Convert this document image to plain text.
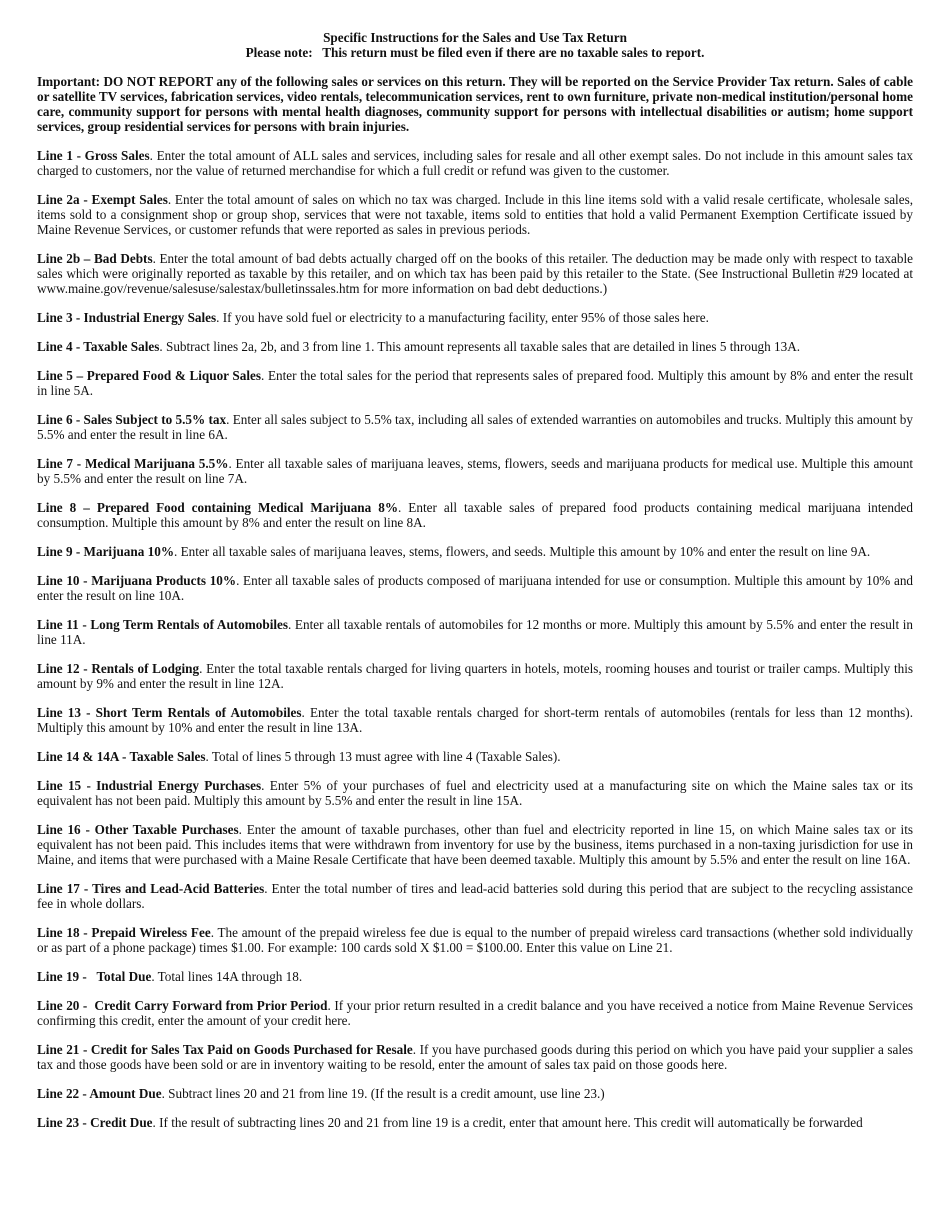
Specific Instructions for the Sales and Use Tax Return
Please note:   This return must be filed even if there are no taxable sales to report.

Important: DO NOT REPORT any of the following sales or services on this return. They will be reported on the Service Provider Tax return. Sales of cable or satellite TV services, fabrication services, video rentals, telecommunication services, rent to own furniture, private non-medical institution/personal home care, community support for persons with mental health diagnoses, community support for persons with intellectual disabilities or autism; home support services, group residential services for persons with brain injuries.

Line 1 - Gross Sales. Enter the total amount of ALL sales and services, including sales for resale and all other exempt sales. Do not include in this amount sales tax charged to customers, nor the value of returned merchandise for which a full credit or refund was given to the customer.

Line 2a - Exempt Sales. Enter the total amount of sales on which no tax was charged. Include in this line items sold with a valid resale certificate, wholesale sales, items sold to a consignment shop or group shop, services that were not taxable, items sold to entities that hold a valid Permanent Exemption Certificate issued by Maine Revenue Services, or customer refunds that were reported as sales in previous periods.

Line 2b – Bad Debts. Enter the total amount of bad debts actually charged off on the books of this retailer. The deduction may be made only with respect to taxable sales which were originally reported as taxable by this retailer, and on which tax has been paid by this retailer to the State. (See Instructional Bulletin #29 located at www.maine.gov/revenue/salesuse/salestax/bulletinssales.htm for more information on bad debt deductions.)

Line 3 - Industrial Energy Sales. If you have sold fuel or electricity to a manufacturing facility, enter 95% of those sales here.

Line 4 - Taxable Sales. Subtract lines 2a, 2b, and 3 from line 1. This amount represents all taxable sales that are detailed in lines 5 through 13A.

Line 5 – Prepared Food & Liquor Sales. Enter the total sales for the period that represents sales of prepared food. Multiply this amount by 8% and enter the result in line 5A.

Line 6 - Sales Subject to 5.5% tax. Enter all sales subject to 5.5% tax, including all sales of extended warranties on automobiles and trucks. Multiply this amount by 5.5% and enter the result in line 6A.

Line 7 - Medical Marijuana 5.5%. Enter all taxable sales of marijuana leaves, stems, flowers, seeds and marijuana products for medical use. Multiple this amount by 5.5% and enter the result on line 7A.

Line 8 – Prepared Food containing Medical Marijuana 8%. Enter all taxable sales of prepared food products containing medical marijuana intended consumption. Multiple this amount by 8% and enter the result on line 8A.

Line 9 - Marijuana 10%. Enter all taxable sales of marijuana leaves, stems, flowers, and seeds. Multiple this amount by 10% and enter the result on line 9A.

Line 10 - Marijuana Products 10%. Enter all taxable sales of products composed of marijuana intended for use or consumption. Multiple this amount by 10% and enter the result on line 10A.

Line 11 - Long Term Rentals of Automobiles. Enter all taxable rentals of automobiles for 12 months or more. Multiply this amount by 5.5% and enter the result in line 11A.

Line 12 - Rentals of Lodging. Enter the total taxable rentals charged for living quarters in hotels, motels, rooming houses and tourist or trailer camps. Multiply this amount by 9% and enter the result in line 12A.

Line 13 - Short Term Rentals of Automobiles. Enter the total taxable rentals charged for short-term rentals of automobiles (rentals for less than 12 months). Multiply this amount by 10% and enter the result in line 13A.

Line 14 & 14A - Taxable Sales. Total of lines 5 through 13 must agree with line 4 (Taxable Sales).

Line 15 - Industrial Energy Purchases. Enter 5% of your purchases of fuel and electricity used at a manufacturing site on which the Maine sales tax or its equivalent has not been paid. Multiply this amount by 5.5% and enter the result in line 15A.

Line 16 - Other Taxable Purchases. Enter the amount of taxable purchases, other than fuel and electricity reported in line 15, on which Maine sales tax or its equivalent has not been paid. This includes items that were withdrawn from inventory for use by the business, items purchased in a non-taxing jurisdiction for use in Maine, and items that were purchased with a Maine Resale Certificate that have been deemed taxable. Multiply this amount by 5.5% and enter the result on line 16A.

Line 17 - Tires and Lead-Acid Batteries. Enter the total number of tires and lead-acid batteries sold during this period that are subject to the recycling assistance fee in whole dollars.

Line 18 - Prepaid Wireless Fee. The amount of the prepaid wireless fee due is equal to the number of prepaid wireless card transactions (whether sold individually or as part of a phone package) times $1.00. For example: 100 cards sold X $1.00 = $100.00. Enter this value on Line 21.

Line 19 -   Total Due. Total lines 14A through 18.

Line 20 -  Credit Carry Forward from Prior Period. If your prior return resulted in a credit balance and you have received a notice from Maine Revenue Services confirming this credit, enter the amount of your credit here.

Line 21 - Credit for Sales Tax Paid on Goods Purchased for Resale. If you have purchased goods during this period on which you have paid your supplier a sales tax and those goods have been sold or are in inventory waiting to be resold, enter the amount of sales tax paid on those goods here.

Line 22 - Amount Due. Subtract lines 20 and 21 from line 19. (If the result is a credit amount, use line 23.)

Line 23 - Credit Due. If the result of subtracting lines 20 and 21 from line 19 is a credit, enter that amount here. This credit will automatically be forwarded
